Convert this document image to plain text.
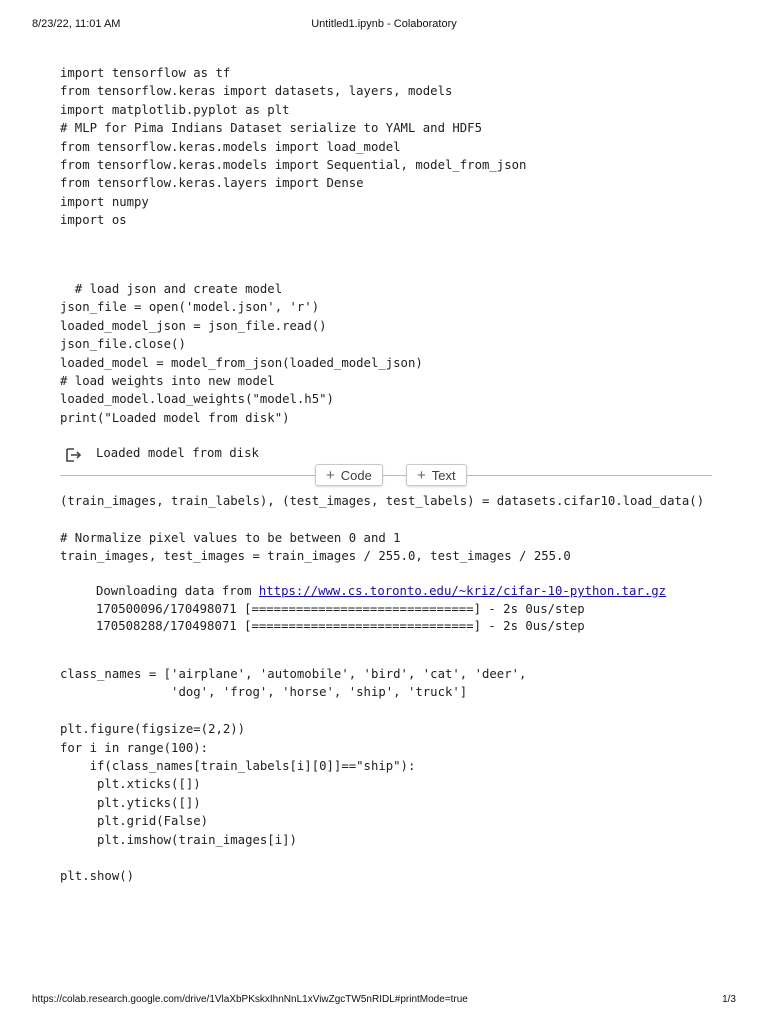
8/23/22, 11:01 AM	Untitled1.ipynb - Colaboratory
import tensorflow as tf
from tensorflow.keras import datasets, layers, models
import matplotlib.pyplot as plt
# MLP for Pima Indians Dataset serialize to YAML and HDF5
from tensorflow.keras.models import load_model
from tensorflow.keras.models import Sequential, model_from_json
from tensorflow.keras.layers import Dense
import numpy
import os
# load json and create model
json_file = open('model.json', 'r')
loaded_model_json = json_file.read()
json_file.close()
loaded_model = model_from_json(loaded_model_json)
# load weights into new model
loaded_model.load_weights("model.h5")
print("Loaded model from disk")
Loaded model from disk
+ Code	+ Text
(train_images, train_labels), (test_images, test_labels) = datasets.cifar10.load_data()

# Normalize pixel values to be between 0 and 1
train_images, test_images = train_images / 255.0, test_images / 255.0
Downloading data from https://www.cs.toronto.edu/~kriz/cifar-10-python.tar.gz
170500096/170498071 [==============================] - 2s 0us/step
170508288/170498071 [==============================] - 2s 0us/step
class_names = ['airplane', 'automobile', 'bird', 'cat', 'deer',
'dog', 'frog', 'horse', 'ship', 'truck']

plt.figure(figsize=(2,2))
for i in range(100):
if(class_names[train_labels[i][0]]=="ship"):
plt.xticks([])
plt.yticks([])
plt.grid(False)
plt.imshow(train_images[i])

plt.show()
https://colab.research.google.com/drive/1VlaXbPKskxIhnNnL1xViwZgcTW5nRIDL#printMode=true	1/3
